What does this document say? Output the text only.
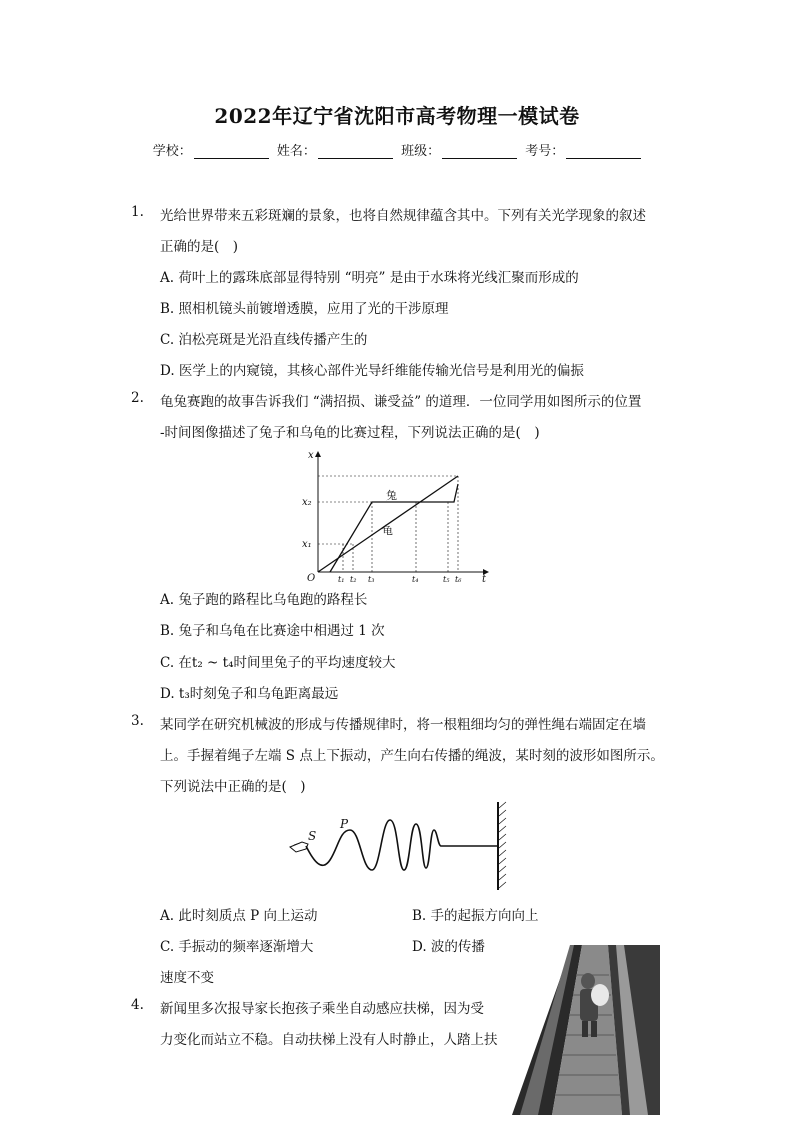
2022年辽宁省沈阳市高考物理一模试卷
学校：	姓名：	班级：	考号：
1. 光给世界带来五彩斑斓的景象，也将自然规律蕴含其中。下列有关光学现象的叙述
正确的是(　)
A. 荷叶上的露珠底部显得特别 “明亮” 是由于水珠将光线汇聚而形成的
B. 照相机镜头前镀增透膜，应用了光的干涉原理
C. 泊松亮斑是光沿直线传播产生的
D. 医学上的内窥镜，其核心部件光导纤维能传输光信号是利用光的偏振
2. 龟兔赛跑的故事告诉我们 “满招损、谦受益” 的道理．一位同学用如图所示的位置
-时间图像描述了兔子和乌龟的比赛过程，下列说法正确的是(　)
x
t
O
x₂
x₁
t₁ t₂ t₃	t₄	t₅ t₆
兔
龟
A. 兔子跑的路程比乌龟跑的路程长
B. 兔子和乌龟在比赛途中相遇过 1 次
C. 在t₂ ~ t₄时间里兔子的平均速度较大
D. t₃时刻兔子和乌龟距离最远
3. 某同学在研究机械波的形成与传播规律时，将一根粗细均匀的弹性绳右端固定在墙
上。手握着绳子左端 S 点上下振动，产生向右传播的绳波，某时刻的波形如图所示。
下列说法中正确的是(　)
S
P
A. 此时刻质点 P 向上运动	B. 手的起振方向向上
C. 手振动的频率逐渐增大	D. 波的传播
速度不变
4. 新闻里多次报导家长抱孩子乘坐自动感应扶梯，因为受
力变化而站立不稳。自动扶梯上没有人时静止，人踏上扶
